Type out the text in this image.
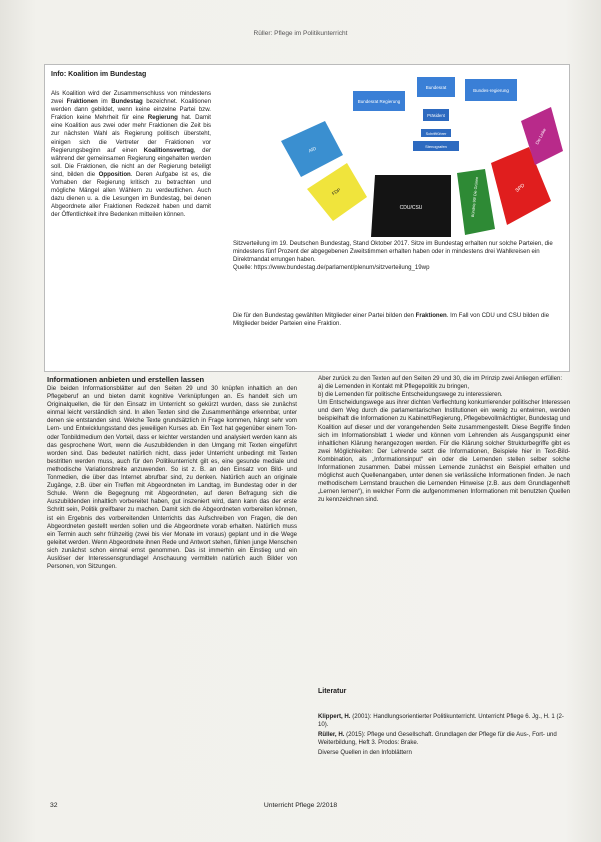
Rüller: Pflege im Politikunterricht
Info: Koalition im Bundestag
Als Koalition wird der Zusammenschluss von mindestens zwei Fraktionen im Bundestag bezeichnet. Koalitionen werden dann gebildet, wenn keine einzelne Partei bzw. Fraktion keine Mehrheit für eine Regierung hat. Damit eine Koalition aus zwei oder mehr Fraktionen die Zeit bis zur nächsten Wahl als Regierung politisch übersteht, einigen sich die Vertreter der Fraktionen vor Regierungsbeginn auf einen Koalitionsvertrag, der während der gemeinsamen Regierung eingehalten werden soll. Die Fraktionen, die nicht an der Regierung beteiligt sind, bilden die Opposition. Deren Aufgabe ist es, die Vorhaben der Regierung kritisch zu betrachten und mögliche Mängel allen Wählern zu verdeutlichen. Auch dazu dienen u. a. die Lesungen im Bundestag, bei denen Abgeordnete aller Fraktionen Redezeit haben und damit der Öffentlichkeit ihre Bedenken mitteilen können.
Bundesrat Regierung
Bundesrat
Bundes-regierung
Präsident
Schriftführer
Stenografen
AfD
FDP
CDU/CSU	Bündnis 90/ Die Grünen	SPD
Die Linke
Sitzverteilung im 19. Deutschen Bundestag, Stand Oktober 2017. Sitze im Bundestag erhalten nur solche Parteien, die mindestens fünf Prozent der abgegebenen Zweitstimmen erhalten haben oder in mindestens drei Wahlkreisen ein Direktmandat errungen haben.
Quelle: https://www.bundestag.de/parlament/plenum/sitzverteilung_19wp
Die für den Bundestag gewählten Mitglieder einer Partei bilden den Fraktionen. Im Fall von CDU und CSU bilden die Mitglieder beider Parteien eine Fraktion.
Informationen anbieten und erstellen lassen

Die beiden Informationsblätter auf den Seiten 29 und 30 knüpfen inhaltlich an den Pflegeberuf an und bieten damit kognitive Verknüpfungen an. Es handelt sich um Originalquellen, die für den Einsatz im Unterricht so gekürzt wurden, dass sie zunächst einmal leicht verständlich sind. In allen Texten sind die Zusammenhänge erkennbar, unter denen sie entstanden sind. Welche Texte grundsätzlich in Frage kommen, hängt sehr vom Lern- und Entwicklungsstand des jeweiligen Kurses ab. Ein Text hat gegenüber einem Ton- oder Tonbildmedium den Vorteil, dass er leichter verstanden und analysiert werden kann als das gesprochene Wort, wenn die Auszubildenden in den Umgang mit Texten eingeführt worden sind. Das bedeutet natürlich nicht, dass jeder Unterricht unbedingt mit Texten bestritten werden muss, auch für den Politikunterricht gilt es, eine gesunde mediale und methodische Variationsbreite anzuwenden. So ist z. B. an den Einsatz von Bild- und Tonmedien, die über das Internet abrufbar sind, zu denken. Natürlich auch an originale Zugänge, z.B. über ein Treffen mit Abgeordneten im Landtag, im Bundestag oder in der Schule. Wenn die Begegnung mit Abgeordneten, auf deren Befragung sich die Auszubildenden inhaltlich vorbereitet haben, gut inszeniert wird, dann kann das der erste Schritt sein, Politik greifbarer zu machen. Damit sich die Abgeordneten vorbereiten können, ist ein Ergebnis des vorbereitenden Unterrichts das Aufschreiben von Fragen, die den Abgeordneten gestellt werden sollen und die Abgeordnete vorab erhalten. Natürlich muss ein Termin auch sehr frühzeitig (zwei bis vier Monate im voraus) geplant und in die Wege geleitet werden. Wenn Abgeordnete ihnen Rede und Antwort stehen, fühlen junge Menschen sich zunächst schon einmal ernst genommen. Das ist immerhin ein Einstieg und ein Auslöser der Interessensgrundlage! Anschauung vermitteln natürlich auch Bilder von Personen, von Sitzungen.

Aber zurück zu den Texten auf den Seiten 29 und 30, die im Prinzip zwei Anliegen erfüllen:

a) die Lernenden in Kontakt mit Pflegepolitik zu bringen,

b) die Lernenden für politische Entscheidungswege zu interessieren.

Um Entscheidungswege aus ihrer dichten Verflechtung konkurrierender politischer Interessen und dem Weg durch die parlamentarischen Institutionen ein wenig zu entwirren, werden beispielhaft die Informationen zu Kabinett/Regierung, Pflegebevollmächtigter, Bundestag und Koalition auf dieser und der vorangehenden Seite zusammengestellt. Diese Begriffe finden sich im Informationsblatt 1 wieder und können vom Lehrenden als Ausgangspunkt einer inhaltlichen Klärung herangezogen werden. Für die Klärung solcher Strukturbegriffe gibt es zwei Möglichkeiten: Der Lehrende setzt die Informationen, Beispiele hier in Text-Bild-Kombination, als „Informationsinput“ ein oder die Lernenden stellen selber solche Informationen zusammen. Dabei müssen Lernende zunächst ein Beispiel erhalten und möglichst auch Quellenangaben, unter denen sie verlässliche Informationen finden. Je nach methodischem Lernstand brauchen die Lernenden Hinweise (z.B. aus dem Grundlagenheft „Lernen lernen“), in welcher Form die aufgenommenen Informationen mit benutzten Quellen zu kennzeichnen sind.

Literatur

Klippert, H. (2001): Handlungsorientierter Politikunterricht. Unterricht Pflege 6. Jg., H. 1 (2-10).

Rüller, H. (2015): Pflege und Gesellschaft. Grundlagen der Pflege für die Aus-, Fort- und Weiterbildung, Heft 3. Prodos: Brake.

Diverse Quellen in den Infoblättern

32	Unterricht Pflege 2/2018
